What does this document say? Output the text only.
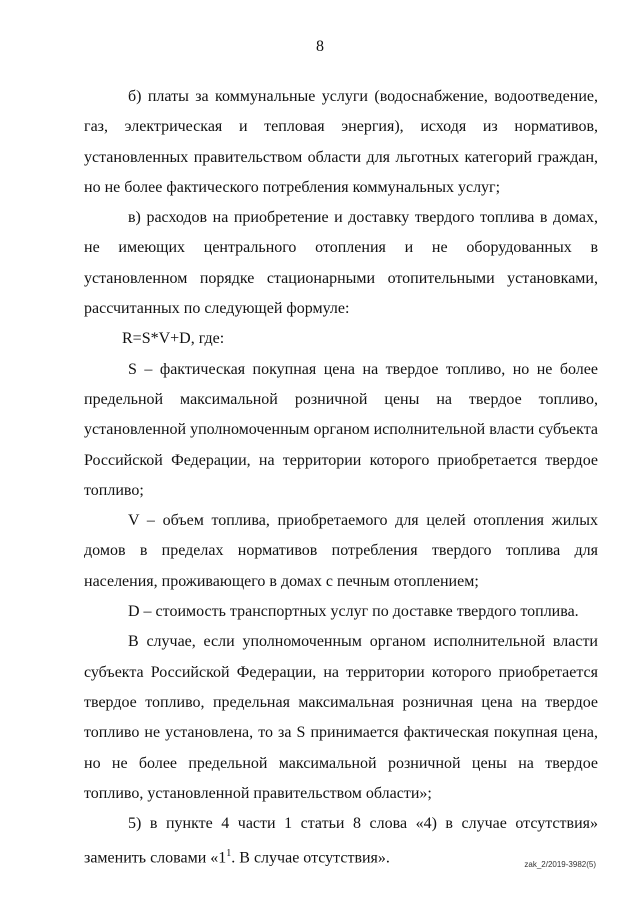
8

б) платы за коммунальные услуги (водоснабжение, водоотведение, газ, электрическая и тепловая энергия), исходя из нормативов, установленных правительством области для льготных категорий граждан, но не более фактического потребления коммунальных услуг;

в) расходов на приобретение и доставку твердого топлива в домах, не имеющих центрального отопления и не оборудованных в установленном порядке стационарными отопительными установками, рассчитанных по следующей формуле:

R=S*V+D, где:

S – фактическая покупная цена на твердое топливо, но не более предельной максимальной розничной цены на твердое топливо, установленной уполномоченным органом исполнительной власти субъекта Российской Федерации, на территории которого приобретается твердое топливо;

V – объем топлива, приобретаемого для целей отопления жилых домов в пределах нормативов потребления твердого топлива для населения, проживающего в домах с печным отоплением;

D – стоимость транспортных услуг по доставке твердого топлива.

В случае, если уполномоченным органом исполнительной власти субъекта Российской Федерации, на территории которого приобретается твердое топливо, предельная максимальная розничная цена на твердое топливо не установлена, то за S принимается фактическая покупная цена, но не более предельной максимальной розничной цены на твердое топливо, установленной правительством области»;

5) в пункте 4 части 1 статьи 8 слова «4) в случае отсутствия» заменить словами «$1^1$. В случае отсутствия».	zak_2/2019-3982(5)
